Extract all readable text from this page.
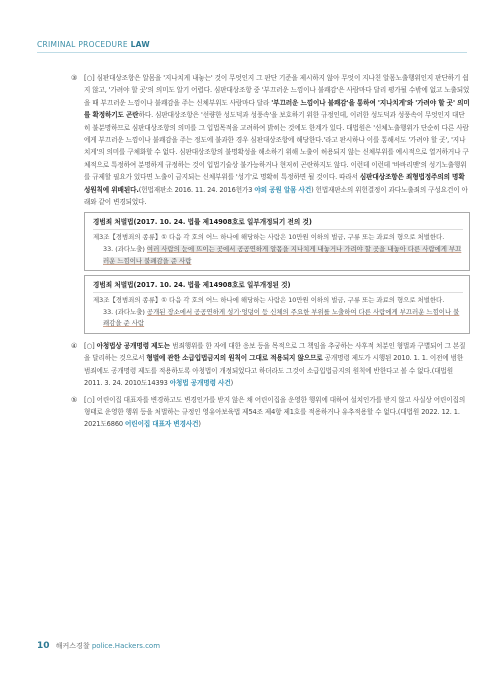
CRIMINAL PROCEDURE LAW
③ [○] 심판대상조항은 알몸을 '지나치게 내놓는' 것이 무엇인지 그 판단 기준을 제시하지 않아 무엇이 지나친 알몸노출행위인지 판단하기 쉽지 않고, '가려야 할 곳'의 의미도 알기 어렵다. 심판대상조항 중 '부끄러운 느낌이나 불쾌감'은 사람마다 달리 평가될 수밖에 없고 노출되었을 때 부끄러운 느낌이나 불쾌감을 주는 신체부위도 사람마다 달라 '부끄러운 느낌이나 불쾌감'을 통하여 '지나치게'와 '가려야 할 곳' 의미를 확정하기도 곤란하다. 심판대상조항은 '선량한 성도덕과 성풍속'을 보호하기 위한 규정인데, 이러한 성도덕과 성풍속이 무엇인지 대단히 불분명하므로 심판대상조항의 의미를 그 입법목적을 고려하여 밝히는 것에도 한계가 있다. 대법원은 '신체노출행위가 단순히 다른 사람에게 부끄러운 느낌이나 불쾌감을 주는 정도에 불과한 경우 심판대상조항에 해당한다.'라고 판시하나 이를 통해서도 '가려야 할 곳', '지나치게'의 의미를 구체화할 수 없다. 심판대상조항의 불명확성을 해소하기 위해 노출이 허용되지 않는 신체부위를 예시적으로 열거하거나 구체적으로 특정하여 분명하게 규정하는 것이 입법기술상 불가능하거나 현저히 곤란하지도 않다. 이런데 이런데 '바바리맨'의 성기노출행위를 규제할 필요가 있다면 노출이 금지되는 신체부위를 '성기'로 명확히 특정하면 될 것이다. 따라서 심판대상조항은 죄형법정주의의 명확성원칙에 위배된다.(헌법재판소 2016. 11. 24. 2016헌가3 야외 공원 알몸 사건) 헌법재판소의 위헌결정이 과다노출죄의 구성요건이 아래와 같이 변경되었다.
경범죄 처벌법(2017. 10. 24. 법률 제14908호로 일부개정되기 전의 것)

제3조【경범죄의 종류】① 다음 각 호의 어느 하나에 해당하는 사람은 10만원 이하의 벌금, 구류 또는 과료의 형으로 처벌한다.

33. (과다노출) 여러 사람의 눈에 뜨이는 곳에서 공공연하게 알몸을 지나치게 내놓거나 가려야 할 곳을 내놓아 다른 사람에게 부끄러운 느낌이나 불쾌감을 준 사람

경범죄 처벌법(2017. 10. 24. 법률 제14908호로 일부개정된 것)

제3조【경범죄의 종류】① 다음 각 호의 어느 하나에 해당하는 사람은 10만원 이하의 벌금, 구류 또는 과료의 형으로 처벌한다.

33. (과다노출) 공개된 장소에서 공공연하게 성기·엉덩이 등 신체의 주요한 부위를 노출하여 다른 사람에게 부끄러운 느낌이나 불쾌감을 준 사람

④ [○] 아청법상 공개명령 제도는 범죄행위를 한 자에 대한 응보 등을 목적으로 그 책임을 추궁하는 사후적 처분인 형벌과 구별되어 그 본질을 달리하는 것으로서 형벌에 관한 소급입법금지의 원칙이 그대로 적용되지 않으므로 공개명령 제도가 시행된 2010. 1. 1. 이전에 범한 범죄에도 공개명령 제도를 적용하도록 아청법이 개정되었다고 하더라도 그것이 소급입법금지의 원칙에 반한다고 볼 수 없다.(대법원 2011. 3. 24. 2010도14393 아청법 공개명령 사건)
⑤ [○] 어린이집 대표자를 변경하고도 변경인가를 받지 않은 채 어린이집을 운영한 행위에 대하여 설치인가를 받지 않고 사실상 어린이집의 형태로 운영한 행위 등을 처벌하는 규정인 영유아보육법 제54조 제4항 제1호를 적용하거나 유추적용할 수 없다.(대법원 2022. 12. 1. 2021도6860 어린이집 대표자 변경사건)
10 해커스경찰 police.Hackers.com
